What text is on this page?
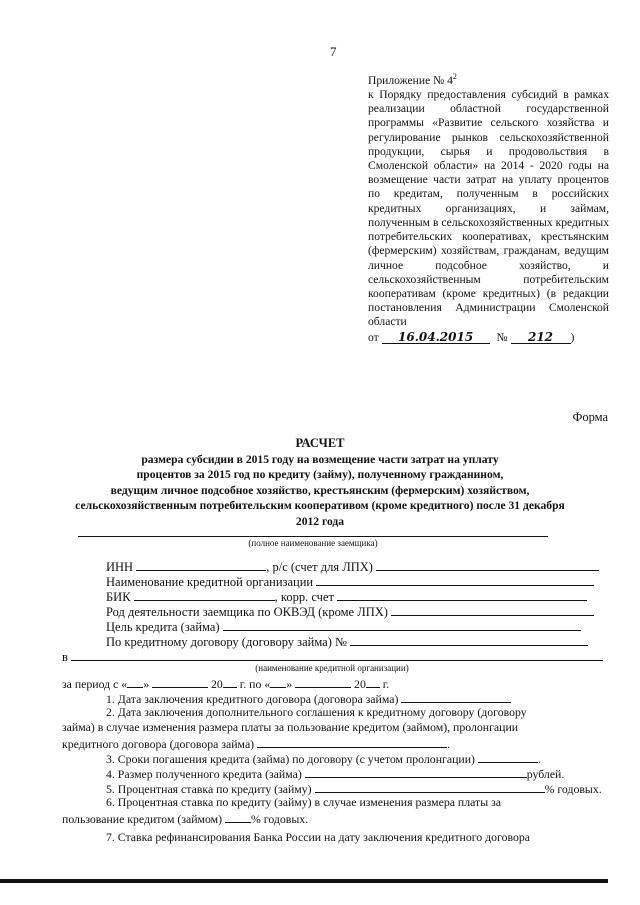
7
Приложение № $4^2$
к Порядку предоставления субсидий в рамках реализации областной государственной программы «Развитие сельского хозяйства и регулирование рынков сельскохозяйственной продукции, сырья и продовольствия в Смоленской области» на 2014 - 2020 годы на возмещение части затрат на уплату процентов по кредитам, полученным в российских кредитных организациях, и займам, полученным в сельскохозяйственных кредитных потребительских кооперативах, крестьянским (фермерским) хозяйствам, гражданам, ведущим личное подсобное хозяйство, и сельскохозяйственным потребительским кооперативам (кроме кредитных) (в редакции постановления Администрации Смоленской области
от 16.04.2015 № 212 )
Форма
РАСЧЕТ
размера субсидии в 2015 году на возмещение части затрат на уплату
процентов за 2015 год по кредиту (займу), полученному гражданином,
ведущим личное подсобное хозяйство, крестьянским (фермерским) хозяйством,
сельскохозяйственным потребительским кооперативом (кроме кредитного) после 31 декабря
2012 года
(полное наименование заемщика)
ИНН	, р/с (счет для ЛПХ)
Наименование кредитной организации
БИК	, корр. счет
Род деятельности заемщика по ОКВЭД (кроме ЛПХ)
Цель кредита (займа)
По кредитному договору (договору займа) №
в
(наименование кредитной организации)
за период с « »	20 г. по « »	20 г.
1. Дата заключения кредитного договора (договора займа)
2. Дата заключения дополнительного соглашения к кредитному договору (договору
займа) в случае изменения размера платы за пользование кредитом (займом), пролонгации
кредитного договора (договора займа)	.
3. Сроки погашения кредита (займа) по договору (с учетом пролонгации)	.
4. Размер полученного кредита (займа)	рублей.
5. Процентная ставка по кредиту (займу)	% годовых.
6. Процентная ставка по кредиту (займу) в случае изменения размера платы за
пользование кредитом (займом) % годовых.
7. Ставка рефинансирования Банка России на дату заключения кредитного договора
